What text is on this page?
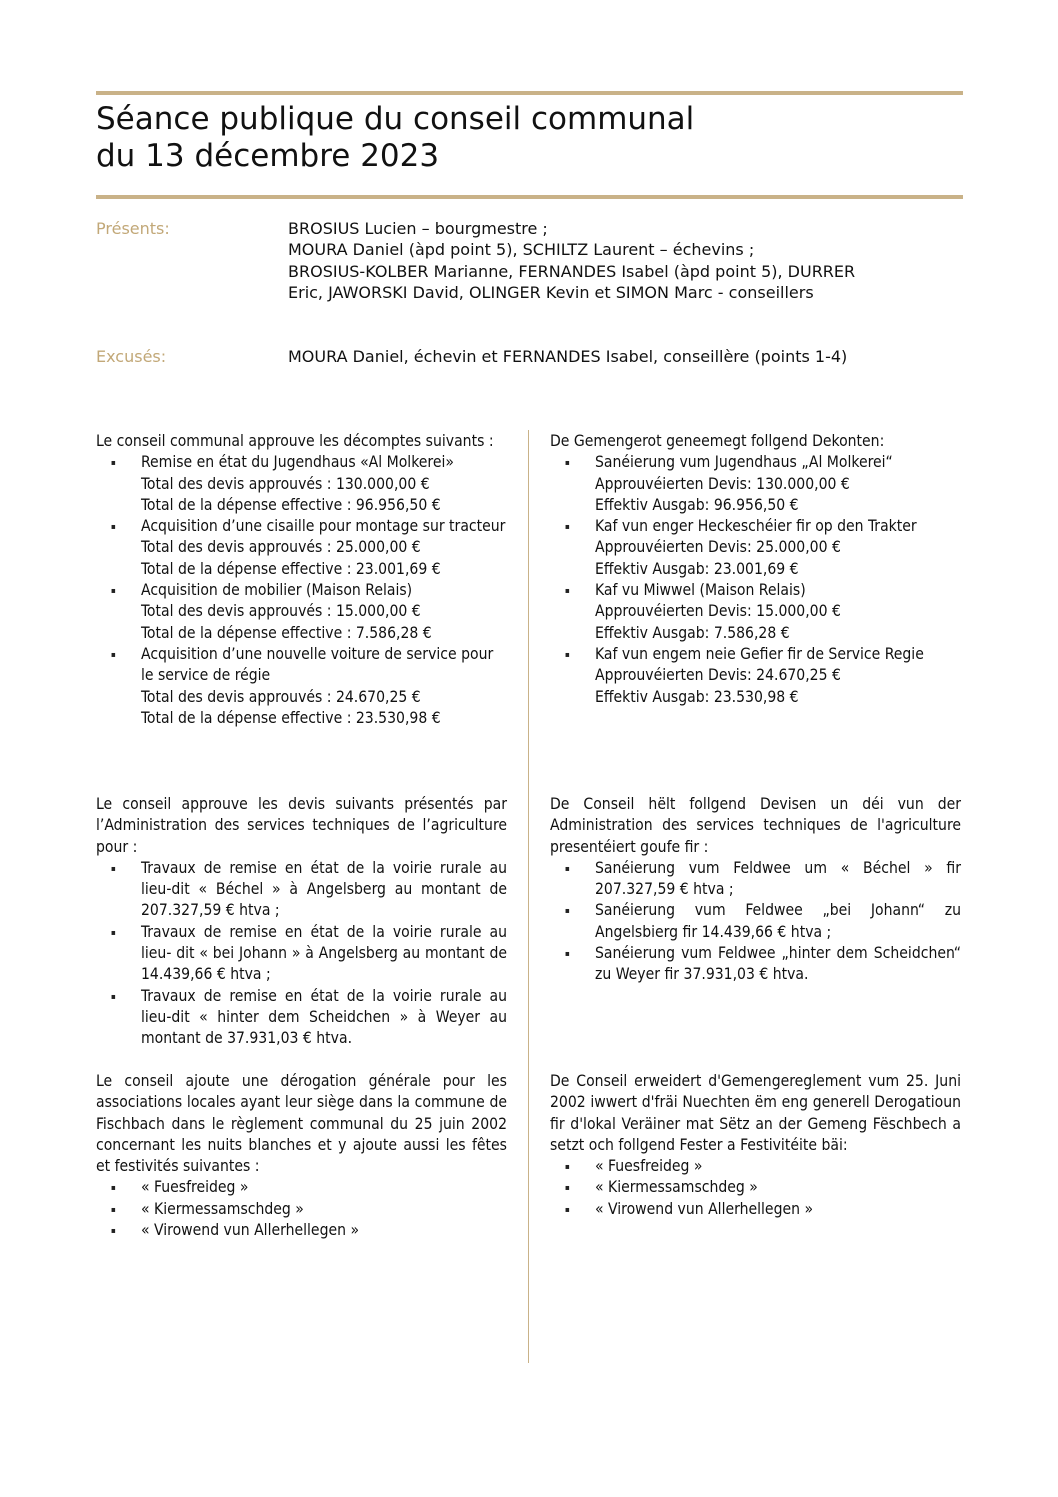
Séance publique du conseil communal
du 13 décembre 2023
Présents:	BROSIUS Lucien – bourgmestre ;
MOURA Daniel (àpd point 5), SCHILTZ Laurent – échevins ;
BROSIUS-KOLBER Marianne, FERNANDES Isabel (àpd point 5), DURRER
Eric, JAWORSKI David, OLINGER Kevin et SIMON Marc - conseillers
Excusés:	MOURA Daniel, échevin et FERNANDES Isabel, conseillère (points 1-4)
Le conseil communal approuve les décomptes suivants :
▪ Remise en état du Jugendhaus «Al Molkerei»
Total des devis approuvés : 130.000,00 €
Total de la dépense effective : 96.956,50 €
▪ Acquisition d’une cisaille pour montage sur tracteur
Total des devis approuvés : 25.000,00 €
Total de la dépense effective : 23.001,69 €
▪ Acquisition de mobilier (Maison Relais)
Total des devis approuvés : 15.000,00 €
Total de la dépense effective : 7.586,28 €
▪ Acquisition d’une nouvelle voiture de service pour le service de régie
Total des devis approuvés : 24.670,25 €
Total de la dépense effective : 23.530,98 €
Le conseil approuve les devis suivants présentés par l’Administration des services techniques de l’agriculture pour :
▪ Travaux de remise en état de la voirie rurale au lieu-dit « Béchel » à Angelsberg au montant de 207.327,59 € htva ;
▪ Travaux de remise en état de la voirie rurale au lieu- dit « bei Johann » à Angelsberg au montant de 14.439,66 € htva ;
▪ Travaux de remise en état de la voirie rurale au lieu-dit « hinter dem Scheidchen » à Weyer au montant de 37.931,03 € htva.
Le conseil ajoute une dérogation générale pour les associations locales ayant leur siège dans la commune de Fischbach dans le règlement communal du 25 juin 2002 concernant les nuits blanches et y ajoute aussi les fêtes et festivités suivantes :
▪ « Fuesfreideg »
▪ « Kiermessamschdeg »
▪ « Virowend vun Allerhellegen »
De Gemengerot geneemegt follgend Dekonten:
▪ Sanéierung vum Jugendhaus „Al Molkerei“
Approuvéierten Devis: 130.000,00 €
Effektiv Ausgab: 96.956,50 €
▪ Kaf vun enger Heckeschéier fir op den Trakter
Approuvéierten Devis: 25.000,00 €
Effektiv Ausgab: 23.001,69 €
▪ Kaf vu Miwwel (Maison Relais)
Approuvéierten Devis: 15.000,00 €
Effektiv Ausgab: 7.586,28 €
▪ Kaf vun engem neie Gefier fir de Service Regie
Approuvéierten Devis: 24.670,25 €
Effektiv Ausgab: 23.530,98 €
De Conseil hëlt follgend Devisen un déi vun der Administration des services techniques de l'agriculture presentéiert goufe fir :
▪ Sanéierung vum Feldwee um « Béchel » fir 207.327,59 € htva ;
▪ Sanéierung vum Feldwee „bei Johann“ zu Angelsbierg fir 14.439,66 € htva ;
▪ Sanéierung vum Feldwee „hinter dem Scheidchen“ zu Weyer fir 37.931,03 € htva.
De Conseil erweidert d'Gemengereglement vum 25. Juni 2002 iwwert d'fräi Nuechten ëm eng generell Derogatioun fir d'lokal Veräiner mat Sëtz an der Gemeng Fëschbech a setzt och follgend Fester a Festivitéite bäi:
▪ « Fuesfreideg »
▪ « Kiermessamschdeg »
▪ « Virowend vun Allerhellegen »
